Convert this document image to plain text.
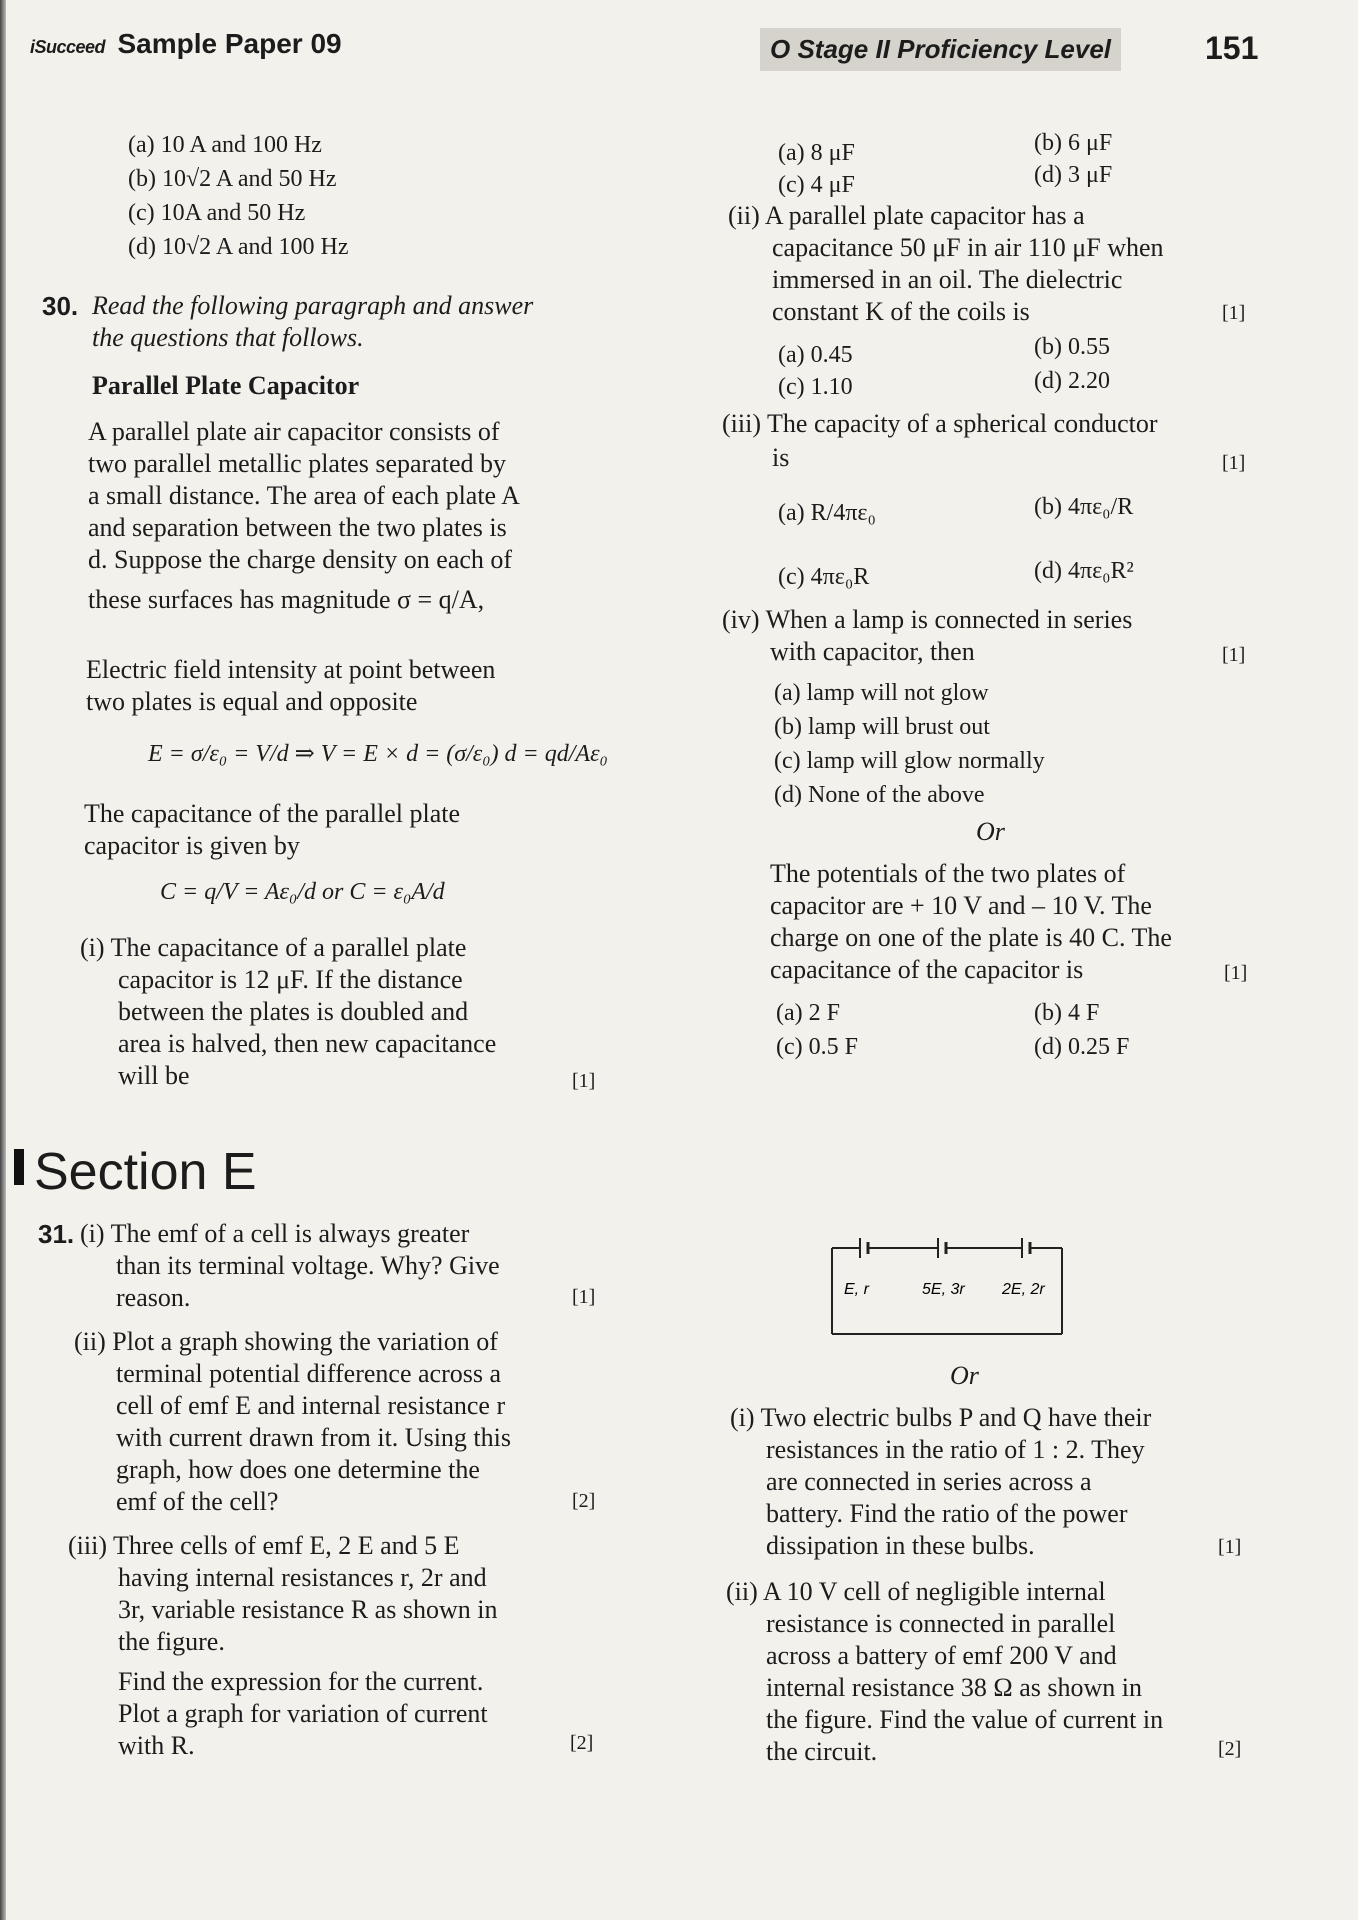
iSucceed Sample Paper 09	O Stage II Proficiency Level	151
(a) 10 A and 100 Hz
(b) 10√2 A and 50 Hz
(c) 10A and 50 Hz
(d) 10√2 A and 100 Hz
30. Read the following paragraph and answer
the questions that follows.
Parallel Plate Capacitor
A parallel plate air capacitor consists of
two parallel metallic plates separated by
a small distance. The area of each plate A
and separation between the two plates is
d. Suppose the charge density on each of
these surfaces has magnitude σ = q/A,
Electric field intensity at point between
two plates is equal and opposite
E = σ/ε₀ = V/d ⇒ V = E × d = (σ/ε₀) d = qd/Aε₀
The capacitance of the parallel plate
capacitor is given by
C = q/V = Aε₀/d or C = ε₀A/d
(i) The capacitance of a parallel plate
capacitor is 12 μF. If the distance
between the plates is doubled and
area is halved, then new capacitance
will be	[1]
Section E
31. (i) The emf of a cell is always greater
than its terminal voltage. Why? Give
reason.	[1]
(ii) Plot a graph showing the variation of
terminal potential difference across a
cell of emf E and internal resistance r
with current drawn from it. Using this
graph, how does one determine the
emf of the cell?	[2]
(iii) Three cells of emf E, 2 E and 5 E
having internal resistances r, 2r and
3r, variable resistance R as shown in
the figure.
Find the expression for the current.
Plot a graph for variation of current
with R.	[2]
(a) 8 μF	(b) 6 μF
(c) 4 μF	(d) 3 μF
(ii) A parallel plate capacitor has a
capacitance 50 μF in air 110 μF when
immersed in an oil. The dielectric
constant K of the coils is	[1]
(a) 0.45	(b) 0.55
(c) 1.10	(d) 2.20
(iii) The capacity of a spherical conductor
is	[1]
(a) R/4πε₀	(b) 4πε₀/R
(c) 4πε₀R	(d) 4πε₀R²
(iv) When a lamp is connected in series
with capacitor, then	[1]
(a) lamp will not glow
(b) lamp will brust out
(c) lamp will glow normally
(d) None of the above
Or
The potentials of the two plates of
capacitor are + 10 V and – 10 V. The
charge on one of the plate is 40 C. The
capacitance of the capacitor is	[1]
(a) 2 F	(b) 4 F
(c) 0.5 F	(d) 0.25 F
E, r	5E, 3r 2E, 2r
Or
(i) Two electric bulbs P and Q have their
resistances in the ratio of 1 : 2. They
are connected in series across a
battery. Find the ratio of the power
dissipation in these bulbs.	[1]
(ii) A 10 V cell of negligible internal
resistance is connected in parallel
across a battery of emf 200 V and
internal resistance 38 Ω as shown in
the figure. Find the value of current in
the circuit.	[2]
